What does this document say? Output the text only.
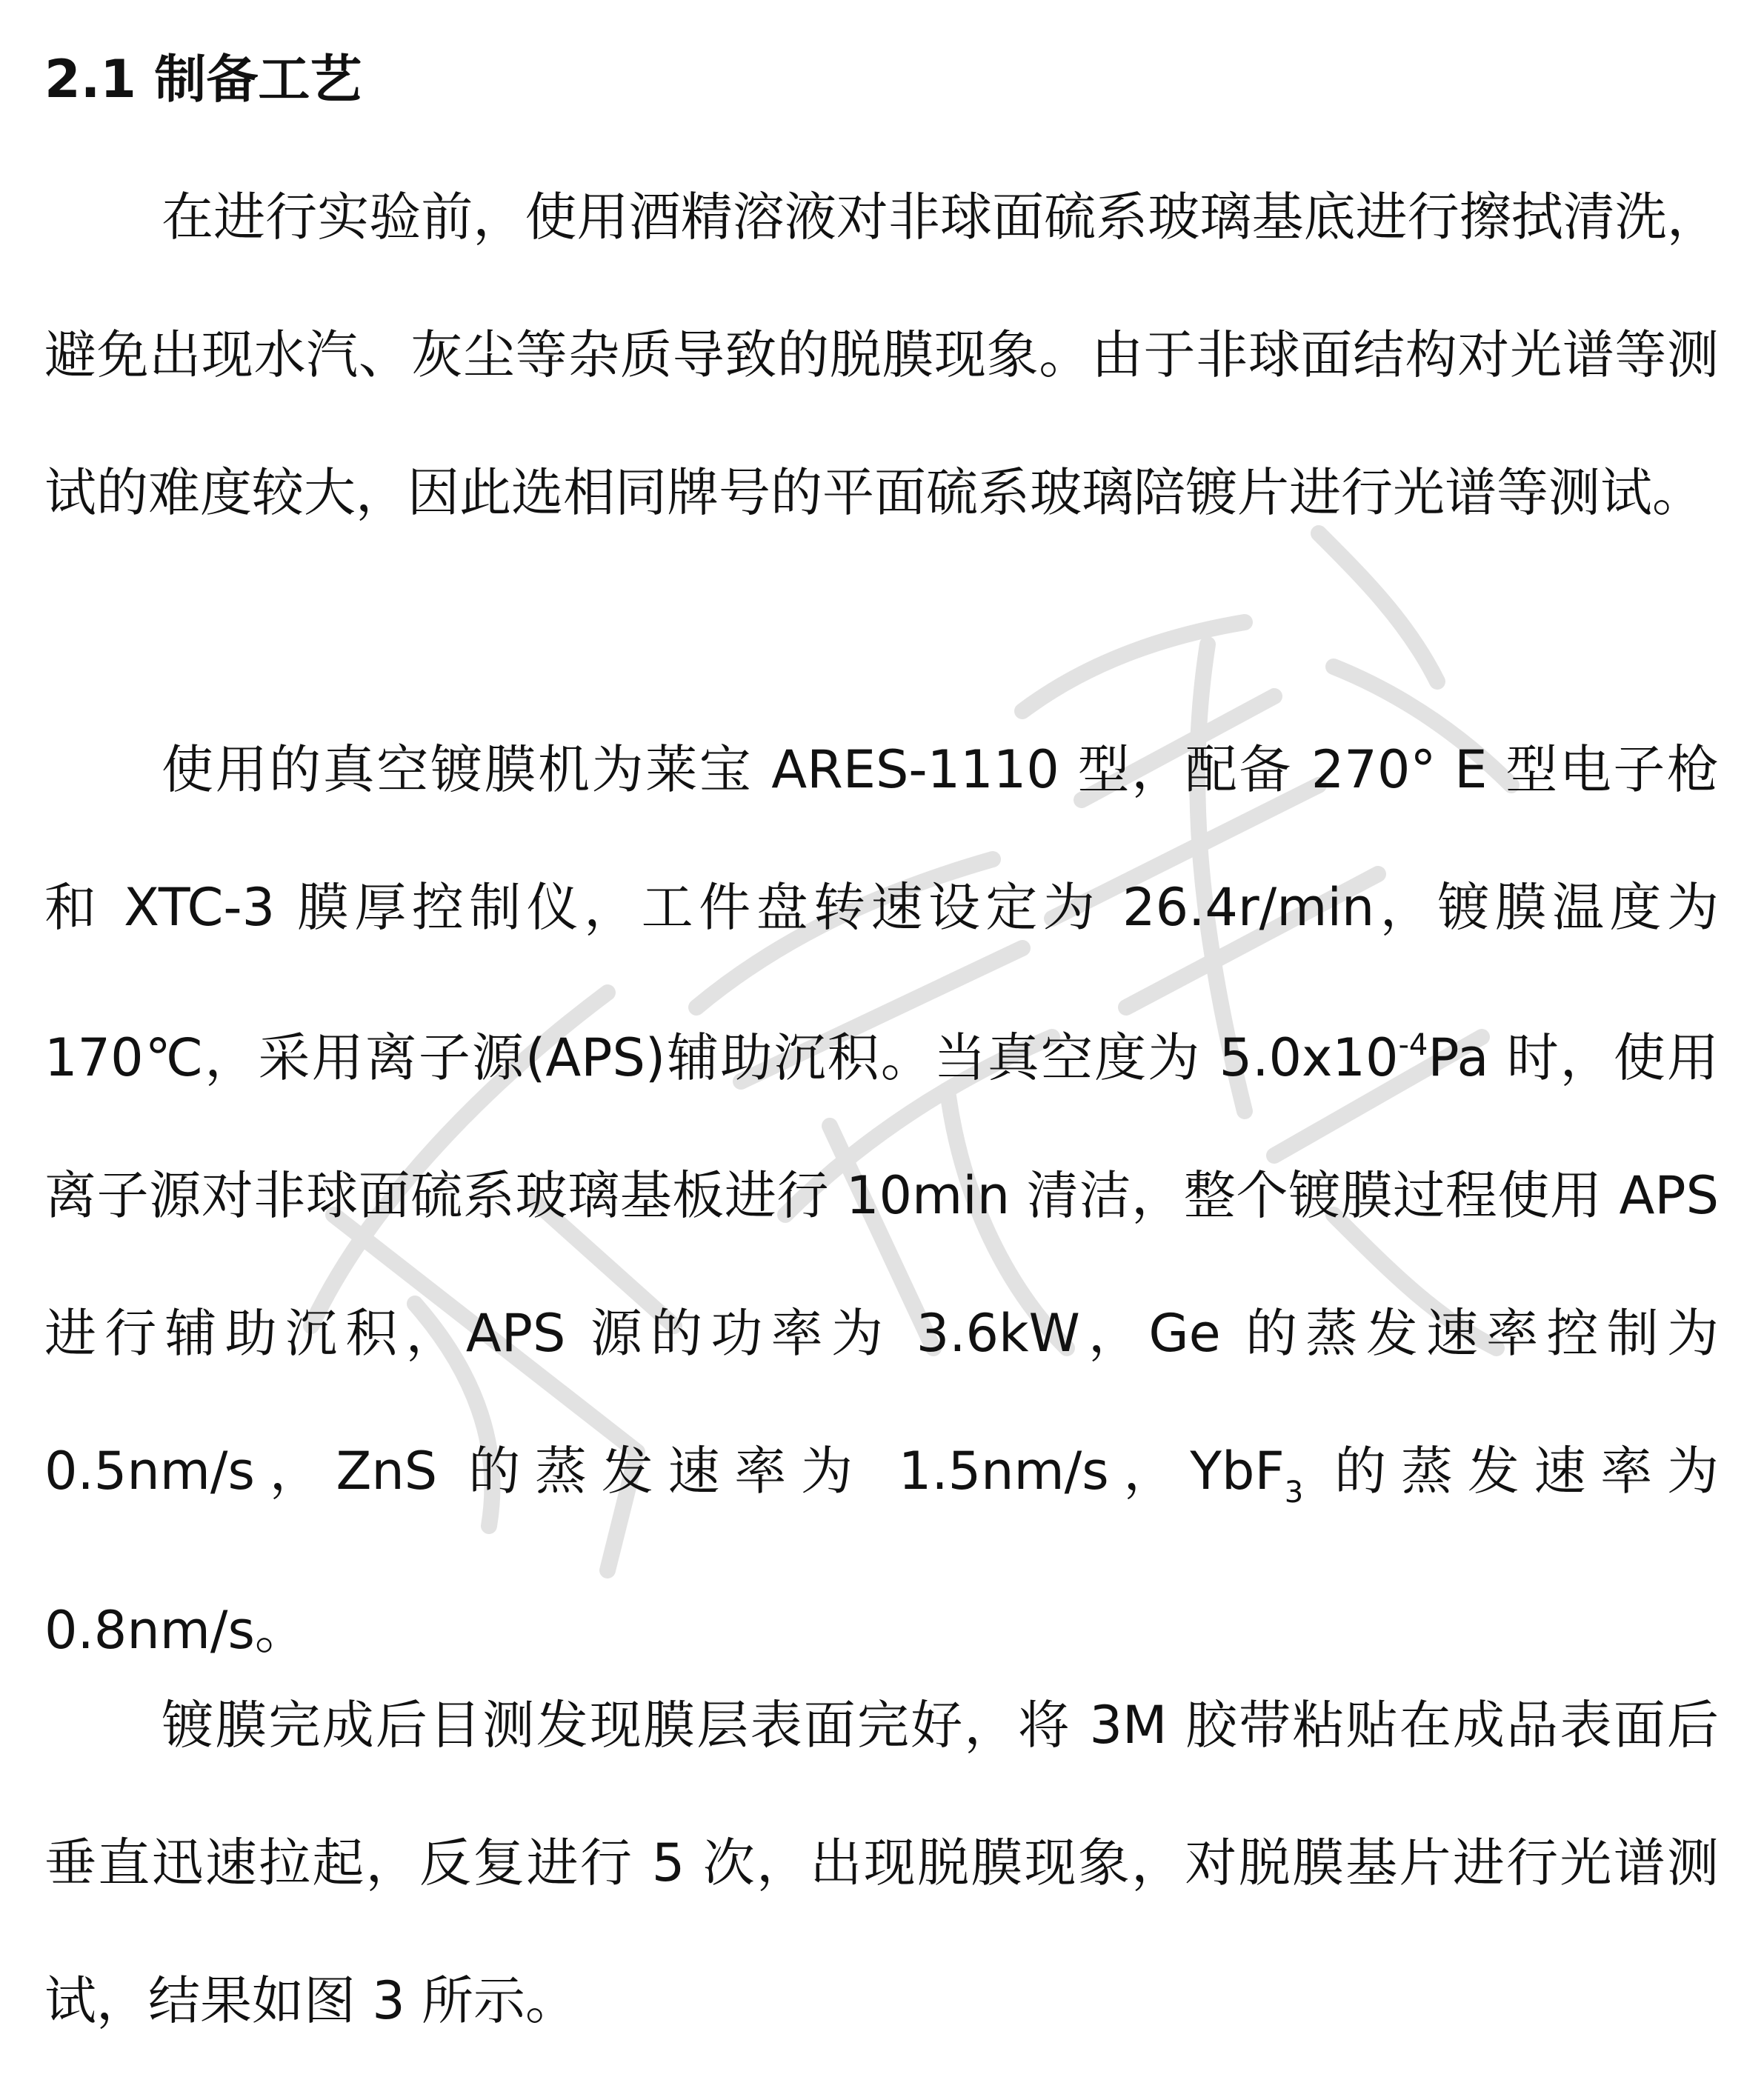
2.1 制备工艺

在进行实验前，使用酒精溶液对非球面硫系玻璃基底进行擦拭清洗，避免出现水汽、灰尘等杂质导致的脱膜现象。由于非球面结构对光谱等测试的难度较大，因此选相同牌号的平面硫系玻璃陪镀片进行光谱等测试。

使用的真空镀膜机为莱宝 ARES-1110 型，配备 270° E 型电子枪和 XTC-3 膜厚控制仪，工件盘转速设定为 26.4r/min，镀膜温度为 170℃，采用离子源(APS)辅助沉积。当真空度为 $5.0x10^{-4}Pa$ 时，使用离子源对非球面硫系玻璃基板进行 10min 清洁，整个镀膜过程使用 APS 进行辅助沉积，APS 源的功率为 3.6kW，Ge 的蒸发速率控制为 0.5nm/s，ZnS 的蒸发速率为 1.5nm/s，YbF$_3$ 的蒸发速率为 0.8nm/s。

镀膜完成后目测发现膜层表面完好，将 3M 胶带粘贴在成品表面后垂直迅速拉起，反复进行 5 次，出现脱膜现象，对脱膜基片进行光谱测试，结果如图 3 所示。
